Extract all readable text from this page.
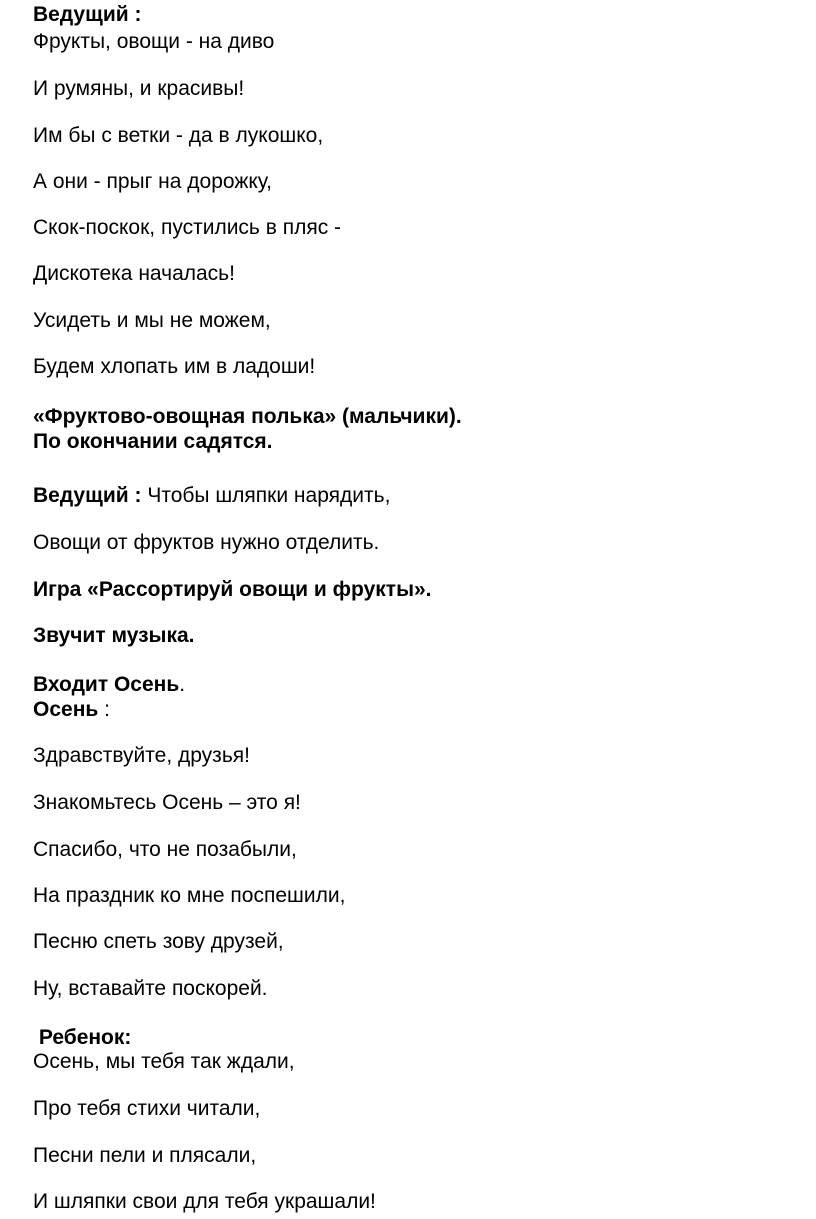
Ведущий :
Фрукты, овощи - на диво
И румяны, и красивы!
Им бы с ветки - да в лукошко,
А они - прыг на дорожку,
Скок-поскок, пустились в пляс -
Дискотека началась!
Усидеть и мы не можем,
Будем хлопать им в ладоши!
«Фруктово-овощная полька» (мальчики).
По окончании садятся.
Ведущий : Чтобы шляпки нарядить,
Овощи от фруктов нужно отделить.
Игра «Рассортируй овощи и фрукты».
Звучит музыка.
Входит Осень.
Осень :
Здравствуйте, друзья!
Знакомьтесь Осень – это я!
Спасибо, что не позабыли,
На праздник ко мне поспешили,
Песню спеть зову друзей,
Ну, вставайте поскорей.
Ребенок:
Осень, мы тебя так ждали,
Про тебя стихи читали,
Песни пели и плясали,
И шляпки свои для тебя украшали!
